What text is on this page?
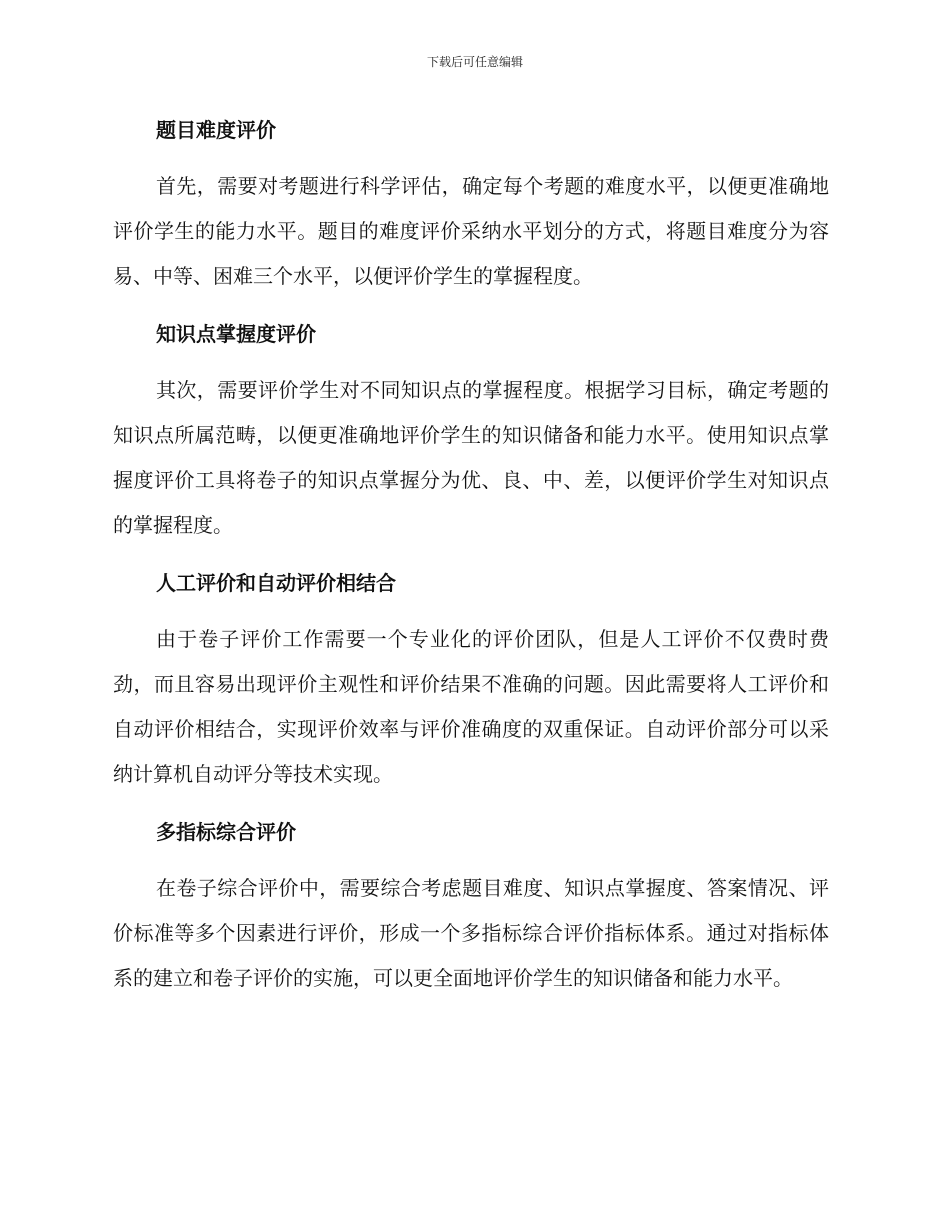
下载后可任意编辑
题目难度评价

首先，需要对考题进行科学评估，确定每个考题的难度水平，以便更准确地评价学生的能力水平。题目的难度评价采纳水平划分的方式，将题目难度分为容易、中等、困难三个水平，以便评价学生的掌握程度。

知识点掌握度评价

其次，需要评价学生对不同知识点的掌握程度。根据学习目标，确定考题的知识点所属范畴，以便更准确地评价学生的知识储备和能力水平。使用知识点掌握度评价工具将卷子的知识点掌握分为优、良、中、差，以便评价学生对知识点的掌握程度。

人工评价和自动评价相结合

由于卷子评价工作需要一个专业化的评价团队，但是人工评价不仅费时费劲，而且容易出现评价主观性和评价结果不准确的问题。因此需要将人工评价和自动评价相结合，实现评价效率与评价准确度的双重保证。自动评价部分可以采纳计算机自动评分等技术实现。

多指标综合评价

在卷子综合评价中，需要综合考虑题目难度、知识点掌握度、答案情况、评价标准等多个因素进行评价，形成一个多指标综合评价指标体系。通过对指标体系的建立和卷子评价的实施，可以更全面地评价学生的知识储备和能力水平。
